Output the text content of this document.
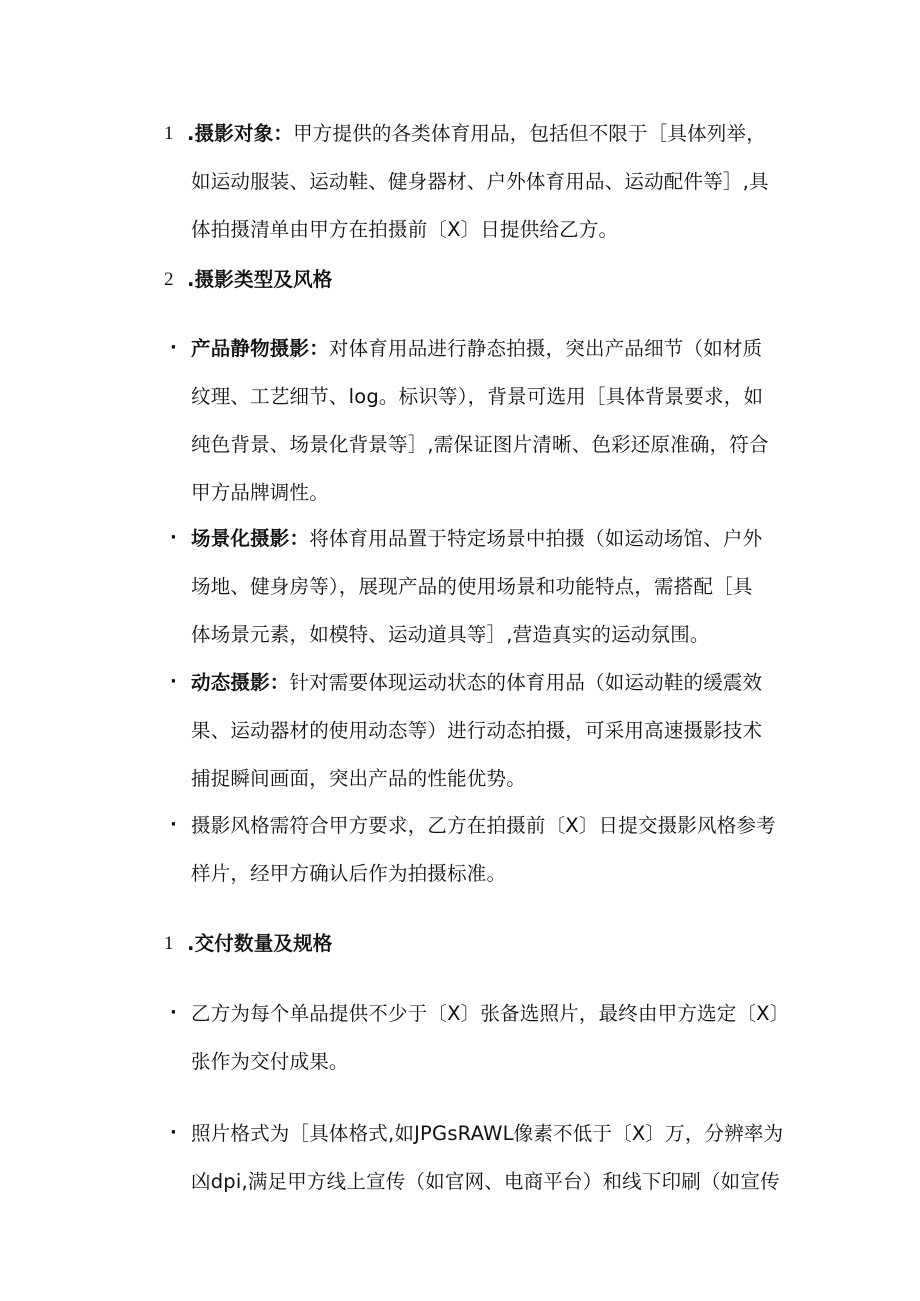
1 .摄影对象：甲方提供的各类体育用品，包括但不限于［具体列举，
如运动服装、运动鞋、健身器材、户外体育用品、运动配件等］,具
体拍摄清单由甲方在拍摄前〔X〕日提供给乙方。
2 .摄影类型及风格
· 产品静物摄影：对体育用品进行静态拍摄，突出产品细节（如材质
纹理、工艺细节、log。标识等），背景可选用［具体背景要求，如
纯色背景、场景化背景等］,需保证图片清晰、色彩还原准确，符合
甲方品牌调性。
· 场景化摄影：将体育用品置于特定场景中拍摄（如运动场馆、户外
场地、健身房等），展现产品的使用场景和功能特点，需搭配［具
体场景元素，如模特、运动道具等］,营造真实的运动氛围。
· 动态摄影：针对需要体现运动状态的体育用品（如运动鞋的缓震效
果、运动器材的使用动态等）进行动态拍摄，可采用高速摄影技术
捕捉瞬间画面，突出产品的性能优势。
· 摄影风格需符合甲方要求，乙方在拍摄前〔X〕日提交摄影风格参考
样片，经甲方确认后作为拍摄标准。
1 .交付数量及规格
· 乙方为每个单品提供不少于〔X〕张备选照片，最终由甲方选定〔X〕
张作为交付成果。
· 照片格式为［具体格式,如JPGsRAWL像素不低于〔X〕万，分辨率为
凶dpi,满足甲方线上宣传（如官网、电商平台）和线下印刷（如宣传
